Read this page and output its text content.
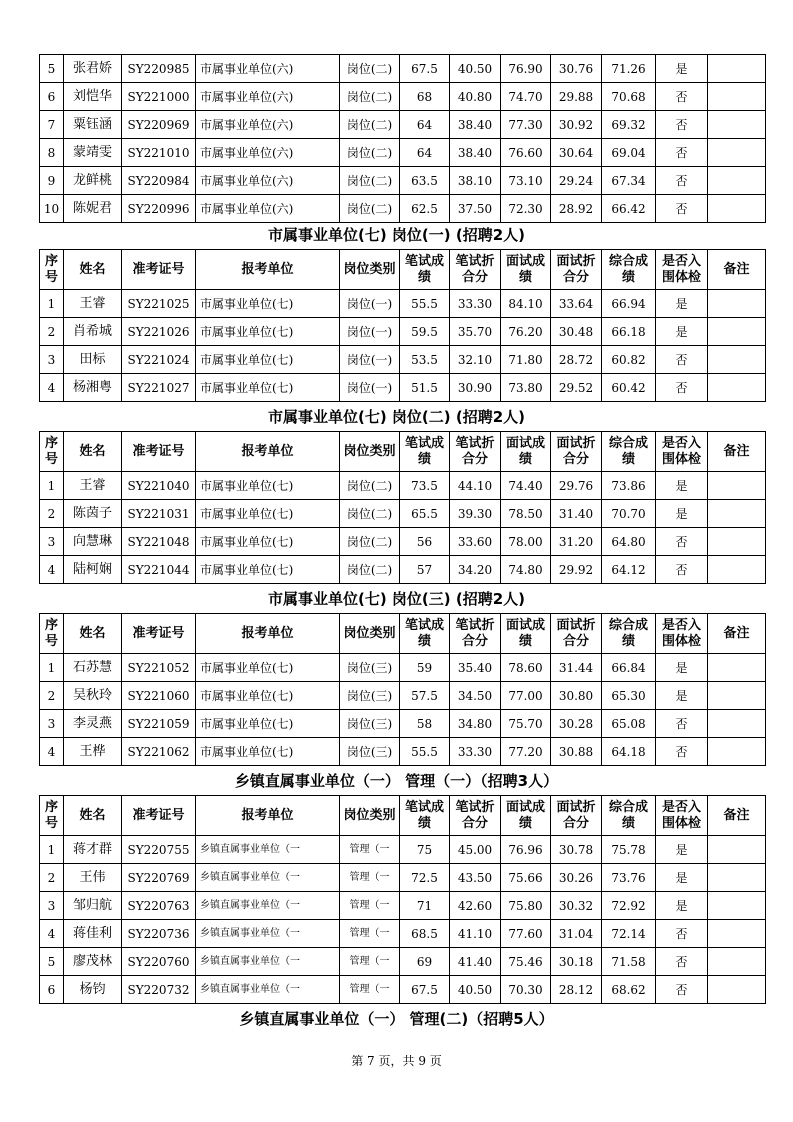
5	张君娇	SY220985	市属事业单位(六)	岗位(二)	67.5	40.50	76.90	30.76	71.26	是	
6	刘恺华	SY221000	市属事业单位(六)	岗位(二)	68	40.80	74.70	29.88	70.68	否	
7	粟钰涵	SY220969	市属事业单位(六)	岗位(二)	64	38.40	77.30	30.92	69.32	否	
8	蒙靖雯	SY221010	市属事业单位(六)	岗位(二)	64	38.40	76.60	30.64	69.04	否	
9	龙鲜桃	SY220984	市属事业单位(六)	岗位(二)	63.5	38.10	73.10	29.24	67.34	否	
10	陈妮君	SY220996	市属事业单位(六)	岗位(二)	62.5	37.50	72.30	28.92	66.42	否	
市属事业单位(七) 岗位(一) (招聘2人)
序号	姓名	准考证号	报考单位	岗位类别	笔试成绩	笔试折合分	面试成绩	面试折合分	综合成绩	是否入围体检	备注
1	王睿	SY221025	市属事业单位(七)	岗位(一)	55.5	33.30	84.10	33.64	66.94	是	
2	肖希城	SY221026	市属事业单位(七)	岗位(一)	59.5	35.70	76.20	30.48	66.18	是	
3	田标	SY221024	市属事业单位(七)	岗位(一)	53.5	32.10	71.80	28.72	60.82	否	
4	杨湘粤	SY221027	市属事业单位(七)	岗位(一)	51.5	30.90	73.80	29.52	60.42	否	
市属事业单位(七) 岗位(二) (招聘2人)
序号	姓名	准考证号	报考单位	岗位类别	笔试成绩	笔试折合分	面试成绩	面试折合分	综合成绩	是否入围体检	备注
1	王睿	SY221040	市属事业单位(七)	岗位(二)	73.5	44.10	74.40	29.76	73.86	是	
2	陈茵子	SY221031	市属事业单位(七)	岗位(二)	65.5	39.30	78.50	31.40	70.70	是	
3	向慧琳	SY221048	市属事业单位(七)	岗位(二)	56	33.60	78.00	31.20	64.80	否	
4	陆柯娴	SY221044	市属事业单位(七)	岗位(二)	57	34.20	74.80	29.92	64.12	否	
市属事业单位(七) 岗位(三) (招聘2人)
序号	姓名	准考证号	报考单位	岗位类别	笔试成绩	笔试折合分	面试成绩	面试折合分	综合成绩	是否入围体检	备注
1	石苏慧	SY221052	市属事业单位(七)	岗位(三)	59	35.40	78.60	31.44	66.84	是	
2	吴秋玲	SY221060	市属事业单位(七)	岗位(三)	57.5	34.50	77.00	30.80	65.30	是	
3	李灵燕	SY221059	市属事业单位(七)	岗位(三)	58	34.80	75.70	30.28	65.08	否	
4	王桦	SY221062	市属事业单位(七)	岗位(三)	55.5	33.30	77.20	30.88	64.18	否	
乡镇直属事业单位（一） 管理（一）（招聘3人）
序号	姓名	准考证号	报考单位	岗位类别	笔试成绩	笔试折合分	面试成绩	面试折合分	综合成绩	是否入围体检	备注
1	蒋才群	SY220755	乡镇直属事业单位（一	管理（一	75	45.00	76.96	30.78	75.78	是	
2	王伟	SY220769	乡镇直属事业单位（一	管理（一	72.5	43.50	75.66	30.26	73.76	是	
3	邹归航	SY220763	乡镇直属事业单位（一	管理（一	71	42.60	75.80	30.32	72.92	是	
4	蒋佳利	SY220736	乡镇直属事业单位（一	管理（一	68.5	41.10	77.60	31.04	72.14	否	
5	廖茂林	SY220760	乡镇直属事业单位（一	管理（一	69	41.40	75.46	30.18	71.58	否	
6	杨钧	SY220732	乡镇直属事业单位（一	管理（一	67.5	40.50	70.30	28.12	68.62	否	
乡镇直属事业单位（一） 管理(二)（招聘5人）
第 7 页，共 9 页
